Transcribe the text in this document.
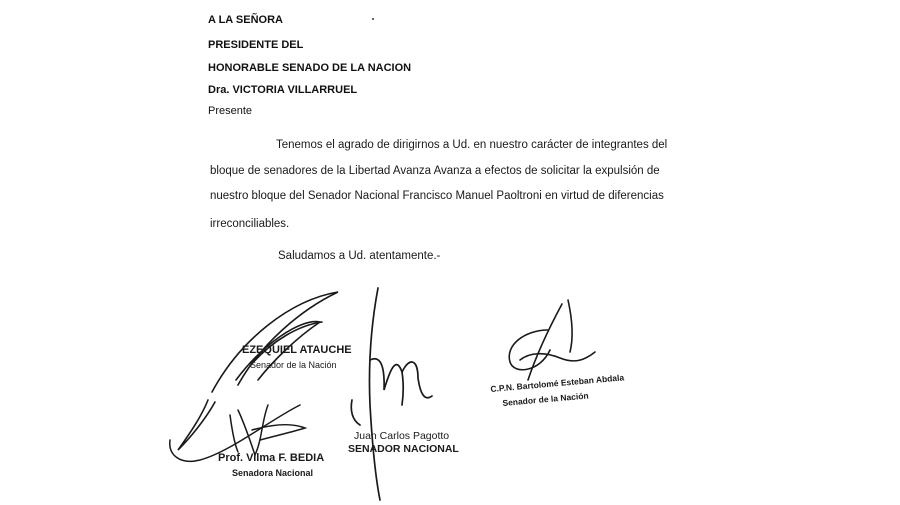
A LA SEÑORA
PRESIDENTE DEL
HONORABLE SENADO DE LA NACION
Dra. VICTORIA VILLARRUEL
Presente
Tenemos el agrado de dirigirnos a Ud. en nuestro carácter de integrantes del
bloque de senadores de la Libertad Avanza Avanza a efectos de solicitar la expulsión de
nuestro bloque del Senador Nacional Francisco Manuel Paoltroni en virtud de diferencias
irreconciliables.
Saludamos a Ud. atentamente.-
EZEQUIEL ATAUCHE
Senador de la Nación
Prof. Vilma F. BEDIA
Senadora Nacional
Juan Carlos Pagotto
SENADOR NACIONAL
C.P.N. Bartolomé Esteban Abdala
Senador de la Nación
